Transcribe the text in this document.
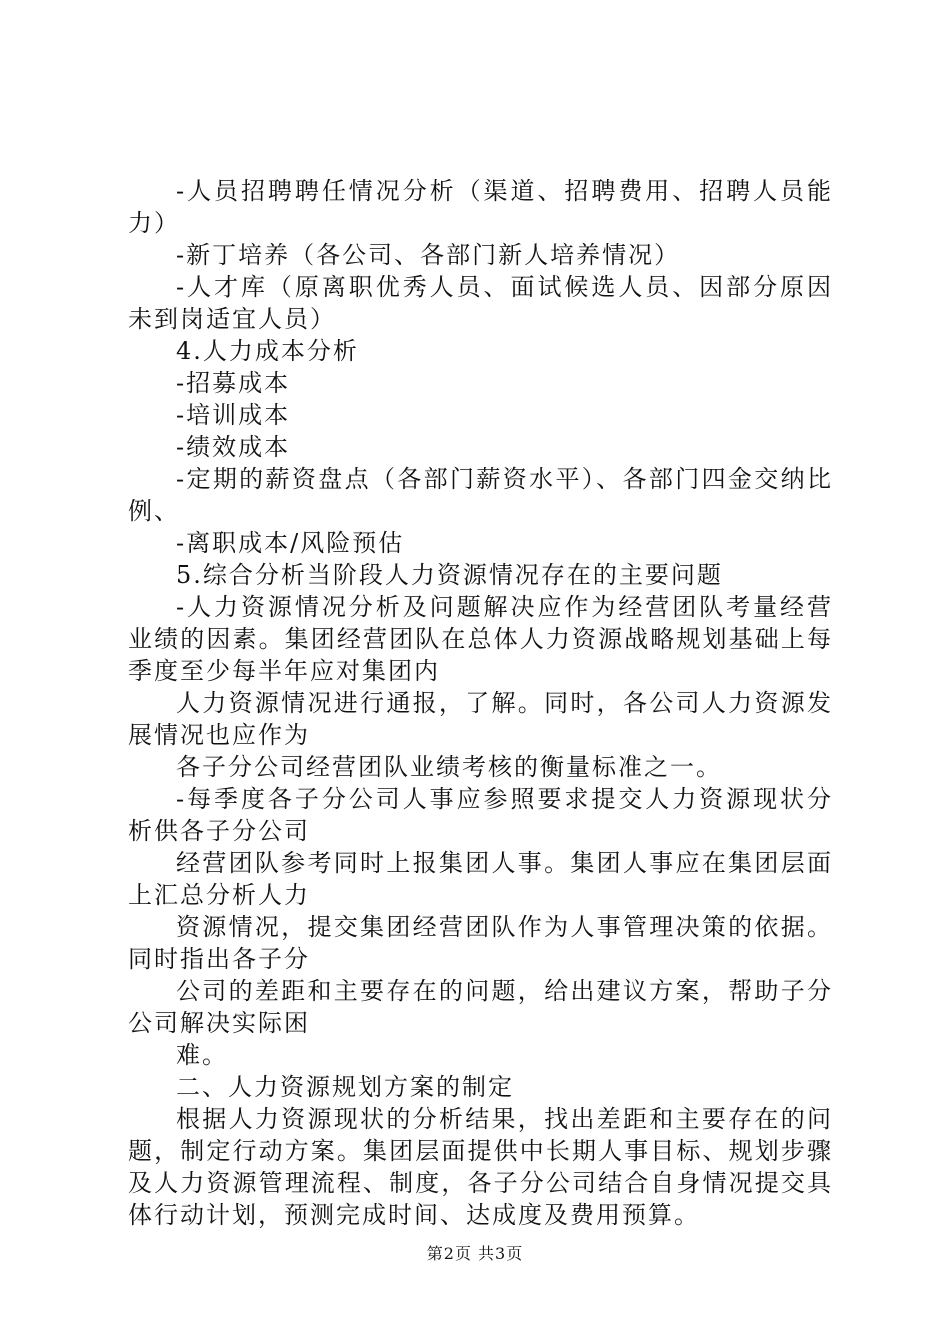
-人员招聘聘任情况分析（渠道、招聘费用、招聘人员能力）

-新丁培养（各公司、各部门新人培养情况）

-人才库（原离职优秀人员、面试候选人员、因部分原因未到岗适宜人员）

4.人力成本分析

-招募成本

-培训成本

-绩效成本

-定期的薪资盘点（各部门薪资水平）、各部门四金交纳比例、

-离职成本/风险预估

5.综合分析当阶段人力资源情况存在的主要问题

-人力资源情况分析及问题解决应作为经营团队考量经营业绩的因素。集团经营团队在总体人力资源战略规划基础上每季度至少每半年应对集团内

人力资源情况进行通报，了解。同时，各公司人力资源发展情况也应作为

各子分公司经营团队业绩考核的衡量标准之一。

-每季度各子分公司人事应参照要求提交人力资源现状分析供各子分公司

经营团队参考同时上报集团人事。集团人事应在集团层面上汇总分析人力

资源情况，提交集团经营团队作为人事管理决策的依据。同时指出各子分

公司的差距和主要存在的问题，给出建议方案，帮助子分公司解决实际困

难。

二、人力资源规划方案的制定

根据人力资源现状的分析结果，找出差距和主要存在的问题，制定行动方案。集团层面提供中长期人事目标、规划步骤及人力资源管理流程、制度，各子分公司结合自身情况提交具体行动计划，预测完成时间、达成度及费用预算。

第2页 共3页
